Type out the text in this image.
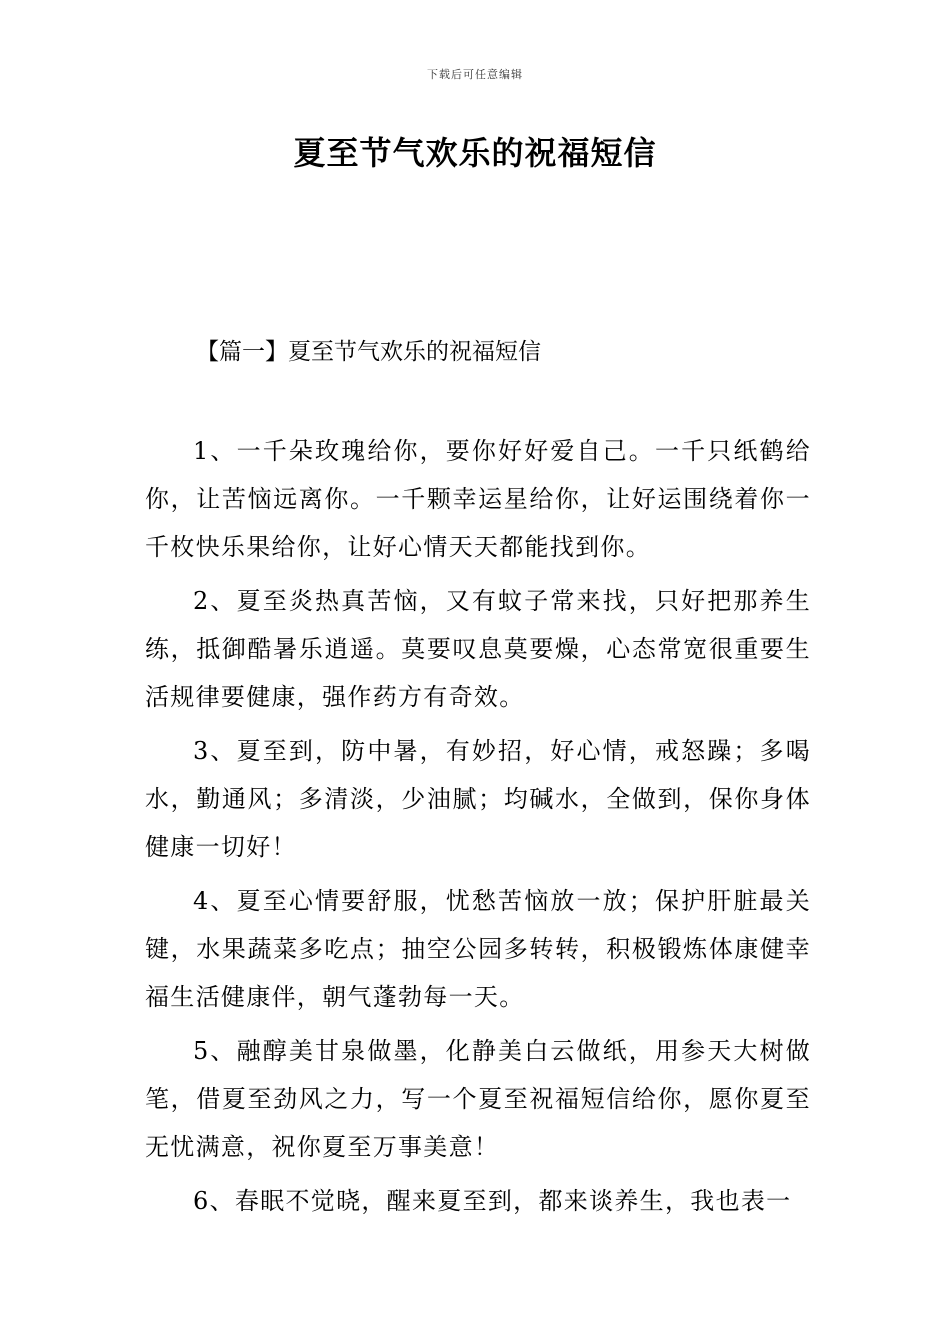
下载后可任意编辑
夏至节气欢乐的祝福短信
【篇一】夏至节气欢乐的祝福短信

1、一千朵玫瑰给你，要你好好爱自己。一千只纸鹤给你，让苦恼远离你。一千颗幸运星给你，让好运围绕着你一千枚快乐果给你，让好心情天天都能找到你。

2、夏至炎热真苦恼，又有蚊子常来找，只好把那养生练，抵御酷暑乐逍遥。莫要叹息莫要燥，心态常宽很重要生活规律要健康，强作药方有奇效。

3、夏至到，防中暑，有妙招，好心情，戒怒躁；多喝水，勤通风；多清淡，少油腻；均碱水，全做到，保你身体健康一切好！

4、夏至心情要舒服，忧愁苦恼放一放；保护肝脏最关键，水果蔬菜多吃点；抽空公园多转转，积极锻炼体康健幸福生活健康伴，朝气蓬勃每一天。

5、融醇美甘泉做墨，化静美白云做纸，用参天大树做笔，借夏至劲风之力，写一个夏至祝福短信给你，愿你夏至无忧满意，祝你夏至万事美意！

6、春眠不觉晓，醒来夏至到，都来谈养生，我也表一
